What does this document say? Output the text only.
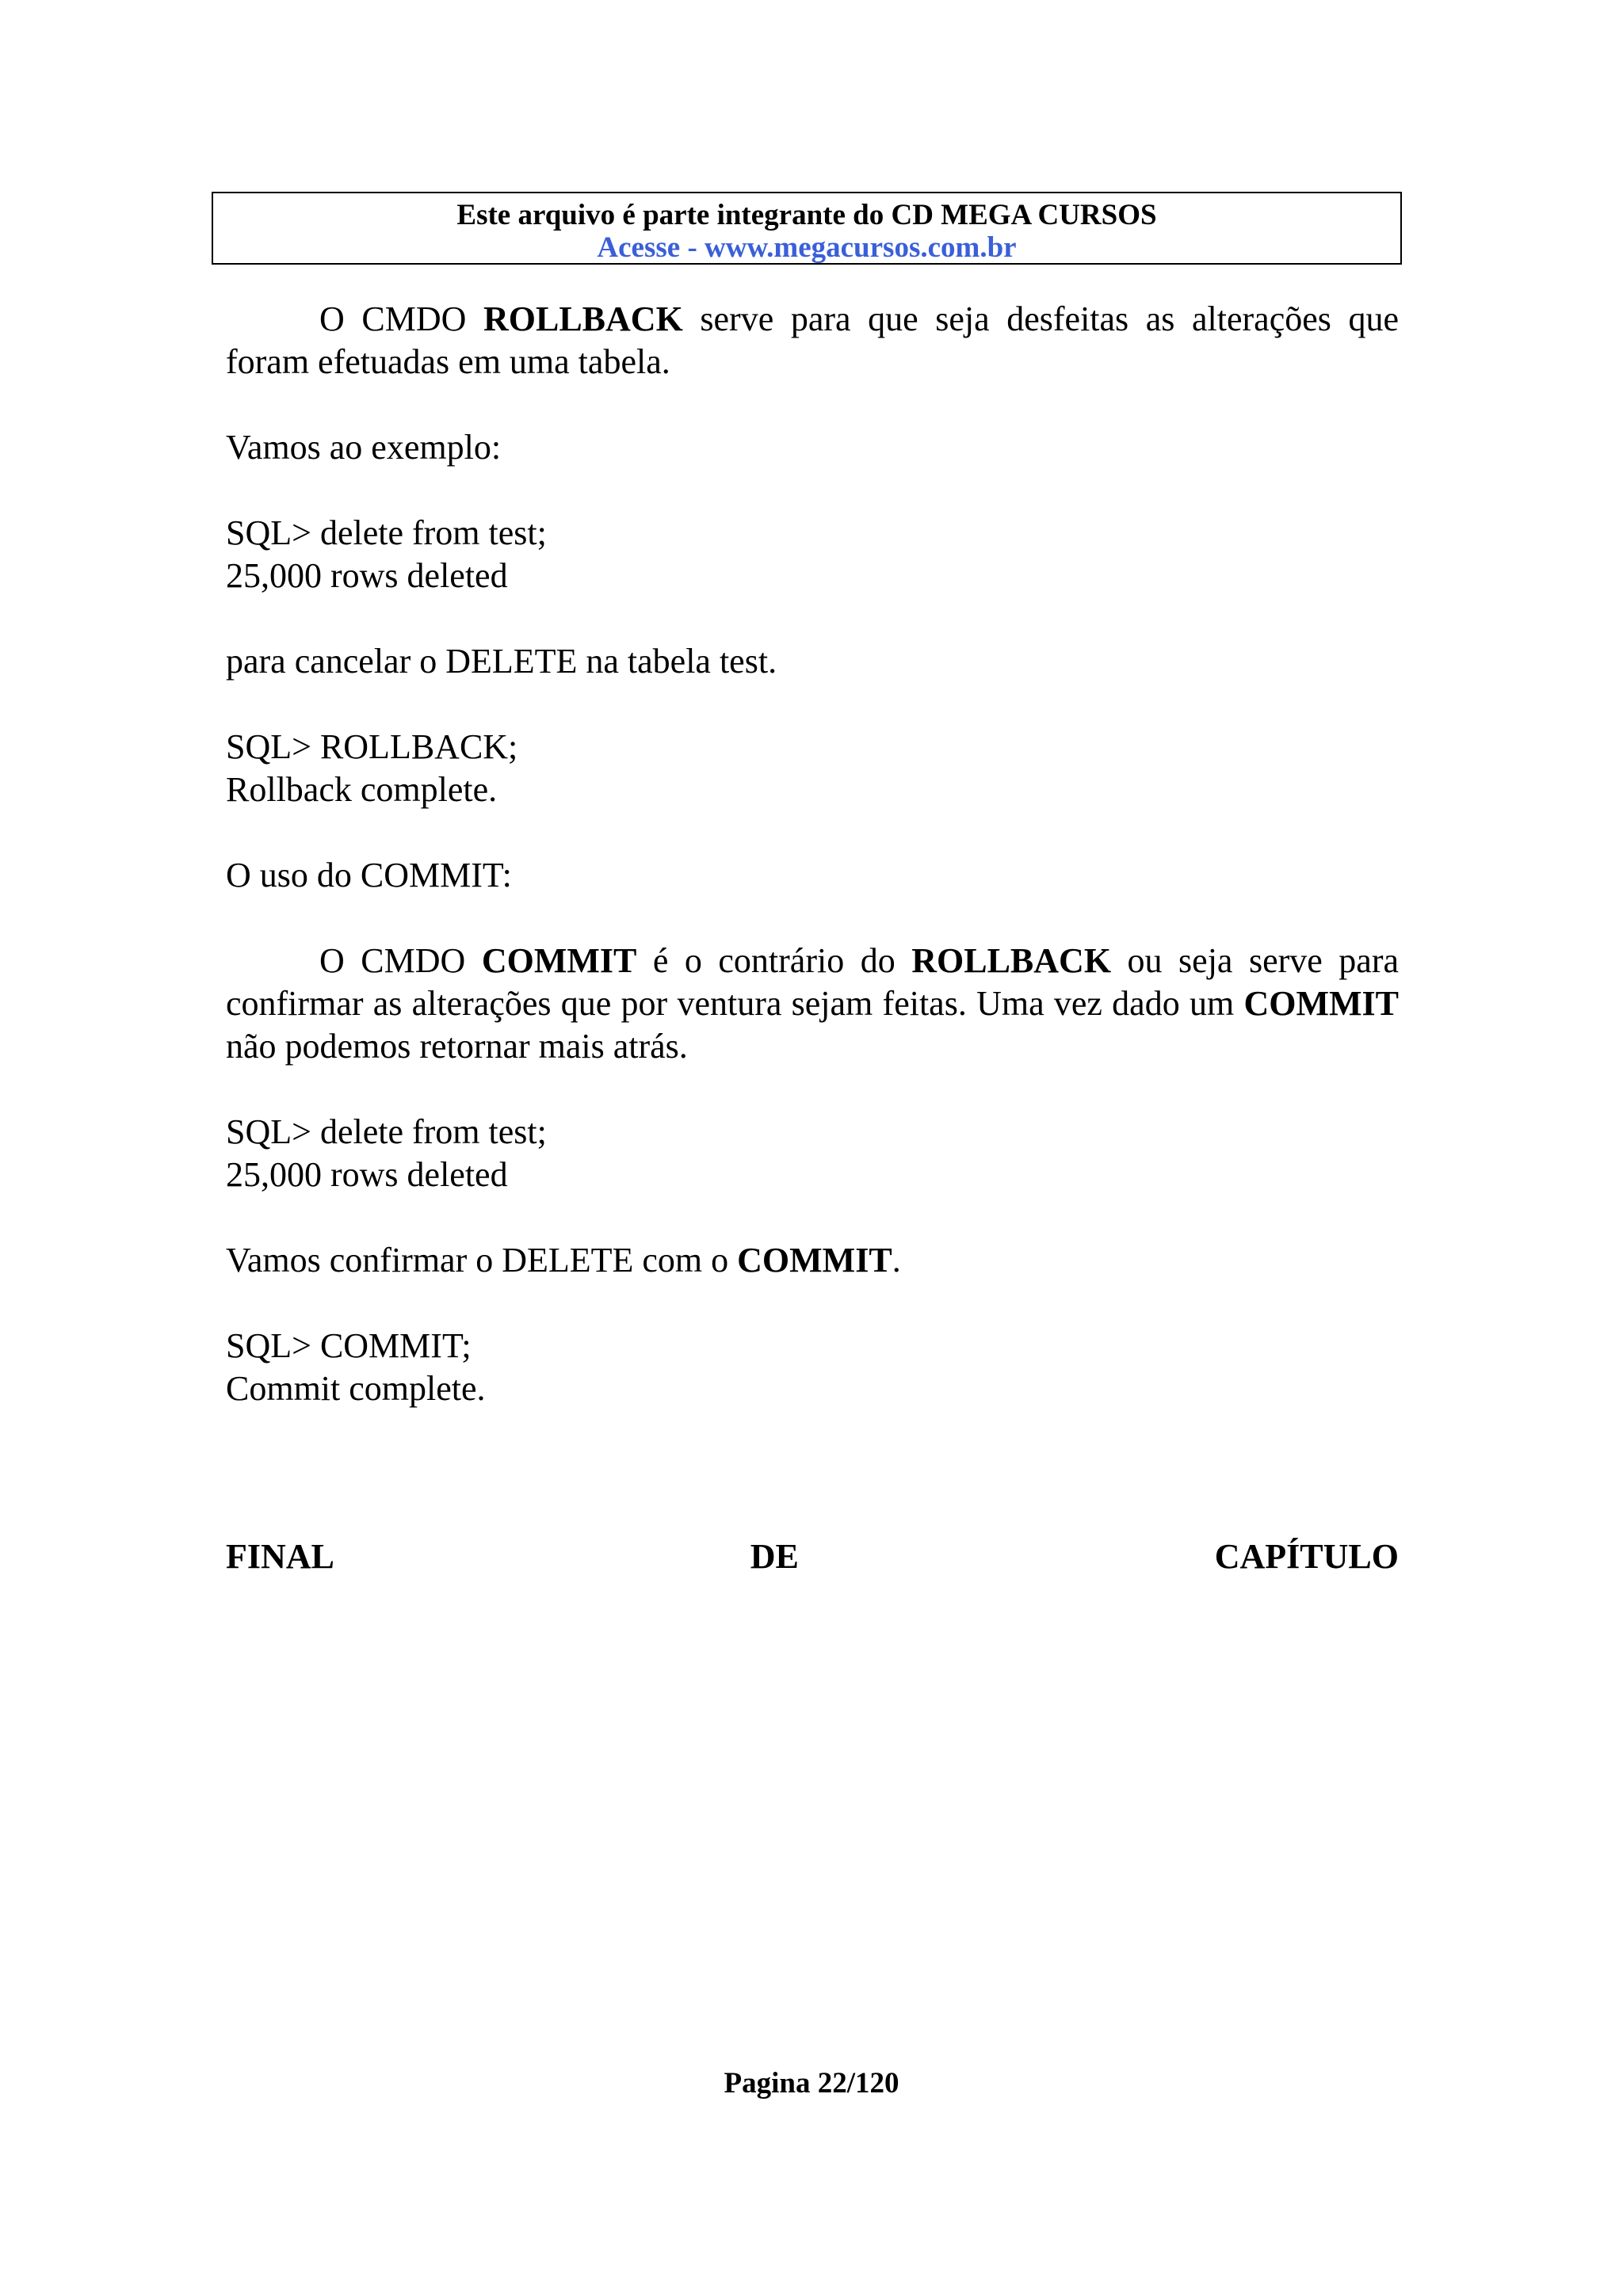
Este arquivo é parte integrante do CD MEGA CURSOS
Acesse - www.megacursos.com.br

O CMDO ROLLBACK serve para que seja desfeitas as alterações que foram efetuadas em uma tabela.

Vamos ao exemplo:

SQL> delete from test;
25,000 rows deleted

para cancelar o DELETE na tabela test.

SQL> ROLLBACK;
Rollback complete.

O uso do COMMIT:

O CMDO COMMIT é o contrário do ROLLBACK ou seja serve para confirmar as alterações que por ventura sejam feitas. Uma vez dado um COMMIT não podemos retornar mais atrás.

SQL> delete from test;
25,000 rows deleted

Vamos confirmar o DELETE com o COMMIT.

SQL> COMMIT;
Commit complete.
FINAL	DE	CAPÍTULO
Pagina 22/120
